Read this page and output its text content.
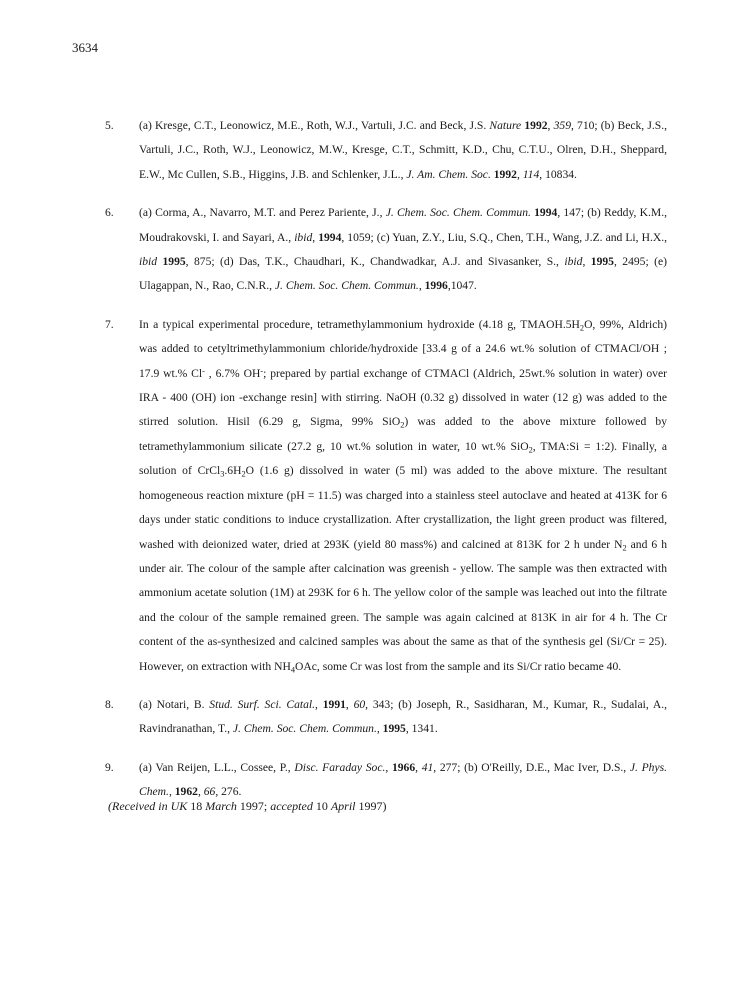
3634
5. (a) Kresge, C.T., Leonowicz, M.E., Roth, W.J., Vartuli, J.C. and Beck, J.S. Nature 1992, 359, 710; (b) Beck, J.S., Vartuli, J.C., Roth, W.J., Leonowicz, M.W., Kresge, C.T., Schmitt, K.D., Chu, C.T.U., Olren, D.H., Sheppard, E.W., Mc Cullen, S.B., Higgins, J.B. and Schlenker, J.L., J. Am. Chem. Soc. 1992, 114, 10834.
6. (a) Corma, A., Navarro, M.T. and Perez Pariente, J., J. Chem. Soc. Chem. Commun. 1994, 147; (b) Reddy, K.M., Moudrakovski, I. and Sayari, A., ibid, 1994, 1059; (c) Yuan, Z.Y., Liu, S.Q., Chen, T.H., Wang, J.Z. and Li, H.X., ibid 1995, 875; (d) Das, T.K., Chaudhari, K., Chandwadkar, A.J. and Sivasanker, S., ibid, 1995, 2495; (e) Ulagappan, N., Rao, C.N.R., J. Chem. Soc. Chem. Commun., 1996,1047.
7. In a typical experimental procedure, tetramethylammonium hydroxide (4.18 g, $TMAOH.5H_2O$, 99%, Aldrich) was added to cetyltrimethylammonium chloride/hydroxide [33.4 g of a 24.6 wt.% solution of CTMACl/OH ; 17.9 wt.% Cl- , 6.7% OH-; prepared by partial exchange of CTMACl (Aldrich, 25wt.% solution in water) over IRA - 400 (OH) ion -exchange resin] with stirring. NaOH (0.32 g) dissolved in water (12 g) was added to the stirred solution. Hisil (6.29 g, Sigma, 99% SiO$_2$) was added to the above mixture followed by tetramethylammonium silicate (27.2 g, 10 wt.% solution in water, 10 wt.% SiO$_2$, TMA:Si = 1:2). Finally, a solution of $CrCl_3.6H_2O$ (1.6 g) dissolved in water (5 ml) was added to the above mixture. The resultant homogeneous reaction mixture (pH = 11.5) was charged into a stainless steel autoclave and heated at 413K for 6 days under static conditions to induce crystallization. After crystallization, the light green product was filtered, washed with deionized water, dried at 293K (yield 80 mass%) and calcined at 813K for 2 h under $N_2$ and 6 h under air. The colour of the sample after calcination was greenish - yellow. The sample was then extracted with ammonium acetate solution (1M) at 293K for 6 h. The yellow color of the sample was leached out into the filtrate and the colour of the sample remained green. The sample was again calcined at 813K in air for 4 h. The Cr content of the as-synthesized and calcined samples was about the same as that of the synthesis gel (Si/Cr = 25). However, on extraction with $NH_4OAc$, some Cr was lost from the sample and its Si/Cr ratio became 40.
8. (a) Notari, B. Stud. Surf. Sci. Catal., 1991, 60, 343; (b) Joseph, R., Sasidharan, M., Kumar, R., Sudalai, A., Ravindranathan, T., J. Chem. Soc. Chem. Commun., 1995, 1341.
9. (a) Van Reijen, L.L., Cossee, P., Disc. Faraday Soc., 1966, 41, 277; (b) O'Reilly, D.E., Mac Iver, D.S., J. Phys. Chem., 1962, 66, 276.
(Received in UK 18 March 1997; accepted 10 April 1997)
